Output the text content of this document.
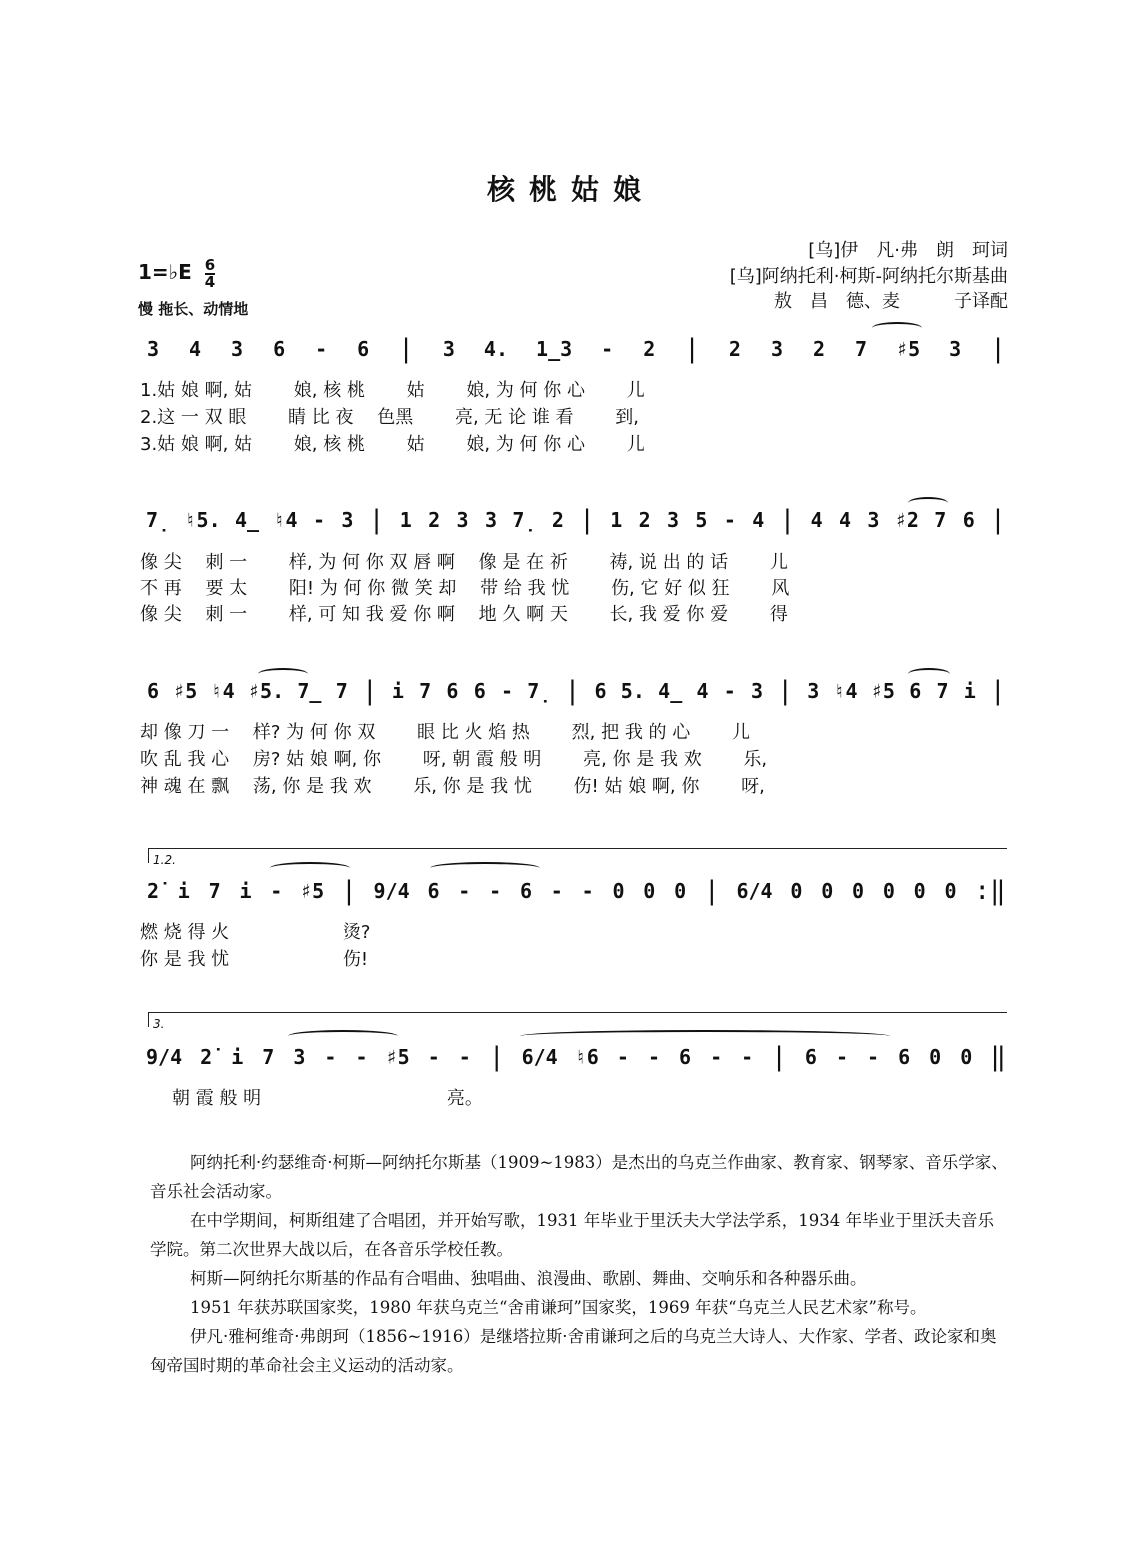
核桃姑娘
[乌]伊　凡·弗　朗　珂词
[乌]阿纳托利·柯斯-阿纳托尔斯基曲
敖　昌　德、麦　　　子译配
1=♭E $\frac{6}{4}$
慢 拖长、动情地
3 4 3 6 - 6 | 3 4. 1̲3 - 2 | 2 3 2 7 ♯5 3 |
1.姑 娘 啊, 姑　　 娘, 核 桃　　 姑　　 娘, 为 何 你 心　　 儿
2.这 一 双 眼　　 睛 比 夜　 色黑　　 亮, 无 论 谁 看　　 到,
3.姑 娘 啊, 姑　　 娘, 核 桃　　 姑　　 娘, 为 何 你 心　　 儿
7̣ ♮5. 4̲ ♮4 - 3 | 1 2 3 3 7̣ 2 | 1 2 3 5 - 4 | 4 4 3 ♯2 7 6 |
像 尖　 刺 一　　 样, 为 何 你 双 唇 啊　 像 是 在 祈　　 祷, 说 出 的 话　　 儿
不 再　 要 太　　 阳! 为 何 你 微 笑 却　 带 给 我 忧　　 伤, 它 好 似 狂　　 风
像 尖　 刺 一　　 样, 可 知 我 爱 你 啊　 地 久 啊 天　　 长, 我 爱 你 爱　　 得
6 ♯5 ♮4 ♯5. 7̲ 7 | i 7 6 6 - 7̣ | 6 5. 4̲ 4 - 3 | 3 ♮4 ♯5 6 7 i |
却 像 刀 一　 样? 为 何 你 双　　 眼 比 火 焰 热　　 烈, 把 我 的 心　　 儿
吹 乱 我 心　 房? 姑 娘 啊, 你　　 呀, 朝 霞 般 明　　 亮, 你 是 我 欢　　 乐,
神 魂 在 飘　 荡, 你 是 我 欢　　 乐, 你 是 我 忧　　 伤! 姑 娘 啊, 你　　 呀,
1.2.
2̇ i 7 i - ♯5 | 9/4 6 - - 6 - - 0 0 0 | 6/4 0 0 0 0 0 0 :‖
燃 烧 得 火　　　　　　 烫?
你 是 我 忧　　　　　　 伤!
3.
9/4 2̇ i 7 3 - - ♯5 - - | 6/4 ♮6 - - 6 - - | 6 - - 6 0 0 ‖
朝 霞 般 明　　　　　　　　　　 亮。

阿纳托利·约瑟维奇·柯斯—阿纳托尔斯基（1909~1983）是杰出的乌克兰作曲家、教育家、钢琴家、音乐学家、音乐社会活动家。

在中学期间，柯斯组建了合唱团，并开始写歌，1931 年毕业于里沃夫大学法学系，1934 年毕业于里沃夫音乐学院。第二次世界大战以后，在各音乐学校任教。

柯斯—阿纳托尔斯基的作品有合唱曲、独唱曲、浪漫曲、歌剧、舞曲、交响乐和各种器乐曲。

1951 年获苏联国家奖，1980 年获乌克兰“舍甫谦珂”国家奖，1969 年获“乌克兰人民艺术家”称号。

伊凡·雅柯维奇·弗朗珂（1856~1916）是继塔拉斯·舍甫谦珂之后的乌克兰大诗人、大作家、学者、政论家和奥匈帝国时期的革命社会主义运动的活动家。
